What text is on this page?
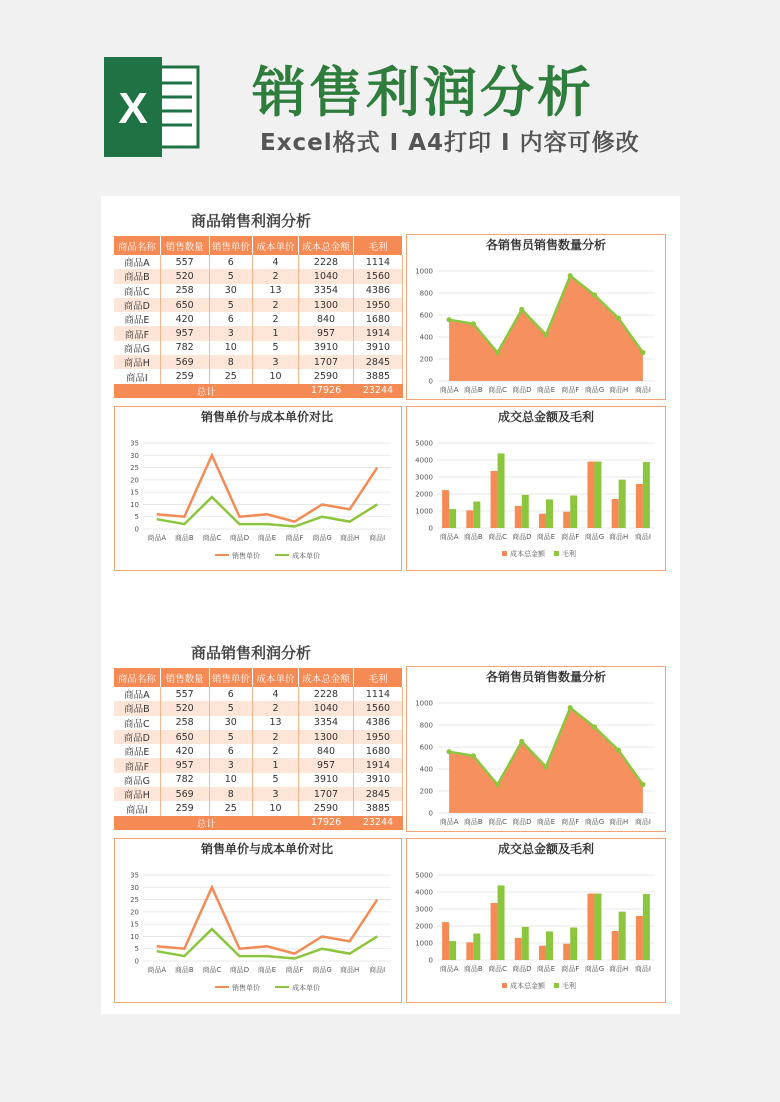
X 销售利润分析
Excel格式 Ⅰ A4打印 Ⅰ 内容可修改
商品销售利润分析
商品名称	销售数量	销售单价	成本单价	成本总金额	毛利
商品A	557	6	4	2228	1114
商品B	520	5	2	1040	1560
商品C	258	30	13	3354	4386
商品D	650	5	2	1300	1950
商品E	420	6	2	840	1680
商品F	957	3	1	957	1914
商品G	782	10	5	3910	3910
商品H	569	8	3	1707	2845
商品I	259	25	10	2590	3885
总计				17926	23244
各销售员销售数量分析
0
200
400
600
800
1000
商品A 商品B 商品C 商品D 商品E 商品F 商品G 商品H 商品I
销售单价与成本单价对比
0
5
10
15
20
25
30
35
商品A 商品B 商品C 商品D 商品E 商品F 商品G 商品H 商品I
销售单价	成本单价
成交总金额及毛利
0
1000
2000
3000
4000
5000
商品A 商品B 商品C 商品D 商品E 商品F 商品G 商品H 商品I
成本总金额 毛利
商品销售利润分析
商品名称	销售数量	销售单价	成本单价	成本总金额	毛利
商品A	557	6	4	2228	1114
商品B	520	5	2	1040	1560
商品C	258	30	13	3354	4386
商品D	650	5	2	1300	1950
商品E	420	6	2	840	1680
商品F	957	3	1	957	1914
商品G	782	10	5	3910	3910
商品H	569	8	3	1707	2845
商品I	259	25	10	2590	3885
总计				17926	23244
各销售员销售数量分析
0
200
400
600
800
1000
商品A 商品B 商品C 商品D 商品E 商品F 商品G 商品H 商品I
销售单价与成本单价对比
0
5
10
15
20
25
30
35
商品A 商品B 商品C 商品D 商品E 商品F 商品G 商品H 商品I
销售单价	成本单价
成交总金额及毛利
0
1000
2000
3000
4000
5000
商品A 商品B 商品C 商品D 商品E 商品F 商品G 商品H 商品I
成本总金额 毛利
